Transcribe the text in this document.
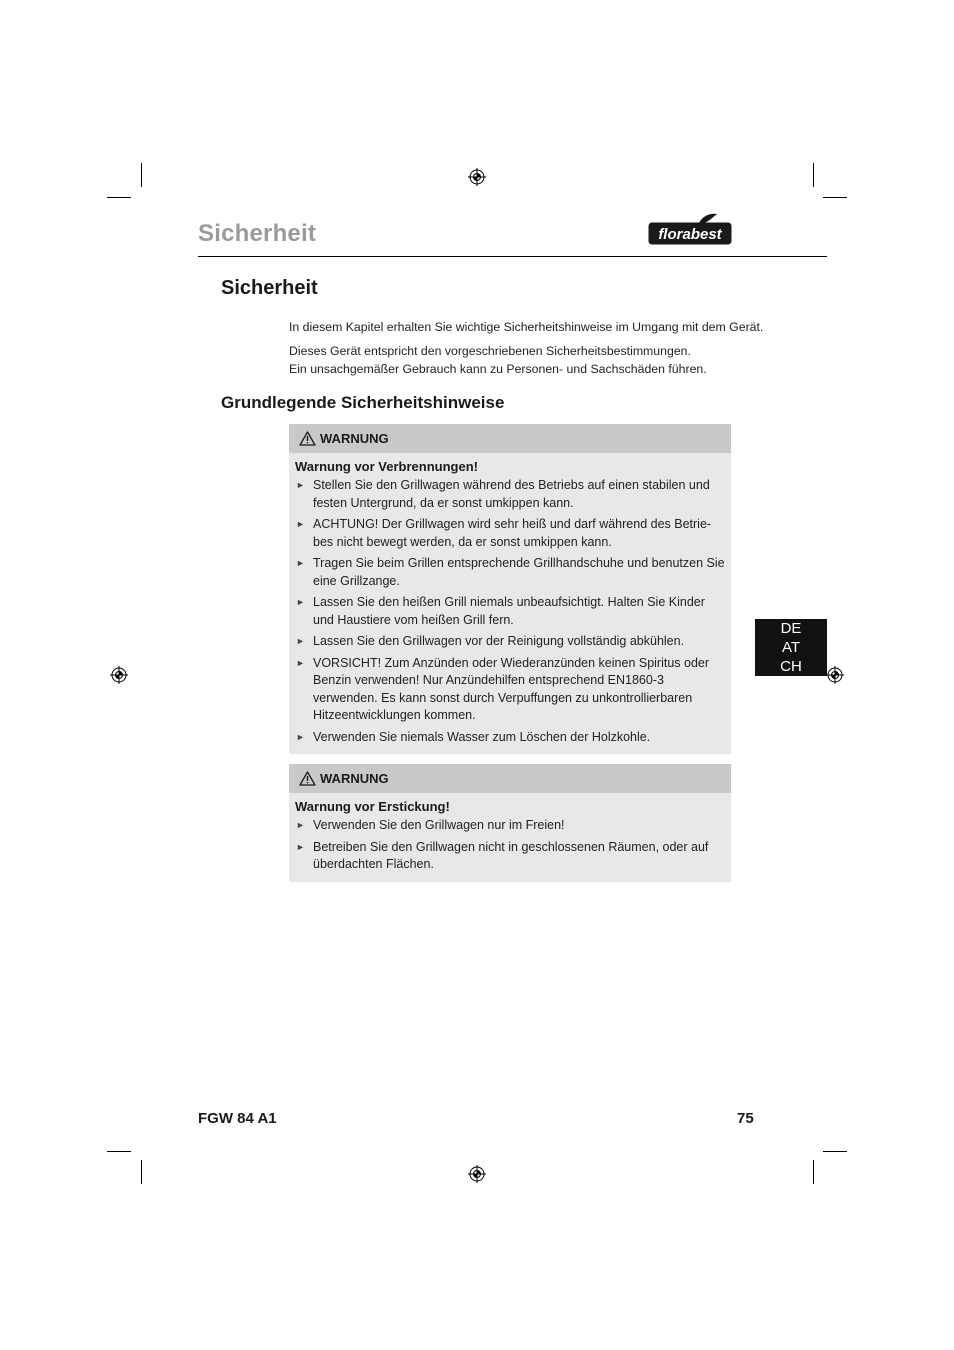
Sicherheit	florabest
Sicherheit

In diesem Kapitel erhalten Sie wichtige Sicherheitshinweise im Umgang mit dem Gerät.

Dieses Gerät entspricht den vorgeschriebenen Sicherheitsbestimmungen.

Ein unsachgemäßer Gebrauch kann zu Personen- und Sachschäden führen.

Grundlegende Sicherheitshinweise
WARNUNG

Warnung vor Verbrennungen!

► Stellen Sie den Grillwagen während des Betriebs auf einen stabilen und festen Untergrund, da er sonst umkippen kann.
► ACHTUNG! Der Grillwagen wird sehr heiß und darf während des Betrie-bes nicht bewegt werden, da er sonst umkippen kann.
► Tragen Sie beim Grillen entsprechende Grillhandschuhe und benutzen Sie eine Grillzange.
► Lassen Sie den heißen Grill niemals unbeaufsichtigt. Halten Sie Kinder und Haustiere vom heißen Grill fern.
► Lassen Sie den Grillwagen vor der Reinigung vollständig abkühlen.
► VORSICHT! Zum Anzünden oder Wiederanzünden keinen Spiritus oder Benzin verwenden! Nur Anzündehilfen entsprechend EN1860-3 verwenden. Es kann sonst durch Verpuffungen zu unkontrollierbaren Hitzeentwicklungen kommen.
► Verwenden Sie niemals Wasser zum Löschen der Holzkohle.
WARNUNG

Warnung vor Erstickung!

► Verwenden Sie den Grillwagen nur im Freien!
► Betreiben Sie den Grillwagen nicht in geschlossenen Räumen, oder auf überdachten Flächen.
DE
AT
CH

FGW 84 A1	75
